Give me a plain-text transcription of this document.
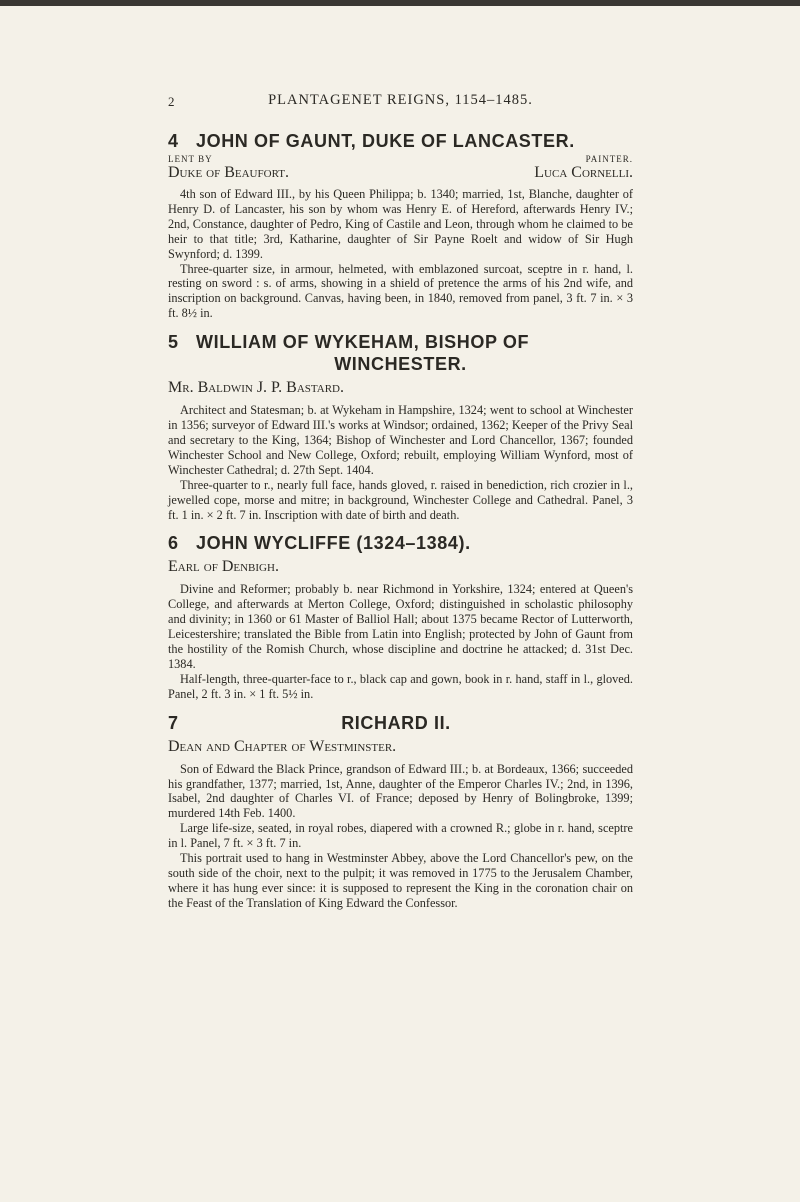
2	PLANTAGENET REIGNS, 1154–1485.
4 JOHN OF GAUNT, DUKE OF LANCASTER.
LENT BY	PAINTER.
Duke of Beaufort.	Luca Cornelli.

4th son of Edward III., by his Queen Philippa; b. 1340; married, 1st, Blanche, daughter of Henry D. of Lancaster, his son by whom was Henry E. of Hereford, afterwards Henry IV.; 2nd, Constance, daughter of Pedro, King of Castile and Leon, through whom he claimed to be heir to that title; 3rd, Katharine, daughter of Sir Payne Roelt and widow of Sir Hugh Swynford; d. 1399.

Three-quarter size, in armour, helmeted, with emblazoned surcoat, sceptre in r. hand, l. resting on sword : s. of arms, showing in a shield of pretence the arms of his 2nd wife, and inscription on background. Canvas, having been, in 1840, removed from panel, 3 ft. 7 in. × 3 ft. 8½ in.

5 WILLIAM OF WYKEHAM, BISHOP OF
WINCHESTER.
Mr. Baldwin J. P. Bastard.

Architect and Statesman; b. at Wykeham in Hampshire, 1324; went to school at Winchester in 1356; surveyor of Edward III.'s works at Windsor; ordained, 1362; Keeper of the Privy Seal and secretary to the King, 1364; Bishop of Winchester and Lord Chancellor, 1367; founded Winchester School and New College, Oxford; rebuilt, employing William Wynford, most of Winchester Cathedral; d. 27th Sept. 1404.

Three-quarter to r., nearly full face, hands gloved, r. raised in benediction, rich crozier in l., jewelled cope, morse and mitre; in background, Winchester College and Cathedral. Panel, 3 ft. 1 in. × 2 ft. 7 in. Inscription with date of birth and death.

6 JOHN WYCLIFFE (1324–1384).
Earl of Denbigh.

Divine and Reformer; probably b. near Richmond in Yorkshire, 1324; entered at Queen's College, and afterwards at Merton College, Oxford; distinguished in scholastic philosophy and divinity; in 1360 or 61 Master of Balliol Hall; about 1375 became Rector of Lutterworth, Leicestershire; translated the Bible from Latin into English; protected by John of Gaunt from the hostility of the Romish Church, whose discipline and doctrine he attacked; d. 31st Dec. 1384.

Half-length, three-quarter-face to r., black cap and gown, book in r. hand, staff in l., gloved. Panel, 2 ft. 3 in. × 1 ft. 5½ in.

7	RICHARD II.
Dean and Chapter of Westminster.

Son of Edward the Black Prince, grandson of Edward III.; b. at Bordeaux, 1366; succeeded his grandfather, 1377; married, 1st, Anne, daughter of the Emperor Charles IV.; 2nd, in 1396, Isabel, 2nd daughter of Charles VI. of France; deposed by Henry of Bolingbroke, 1399; murdered 14th Feb. 1400.

Large life-size, seated, in royal robes, diapered with a crowned R.; globe in r. hand, sceptre in l. Panel, 7 ft. × 3 ft. 7 in.

This portrait used to hang in Westminster Abbey, above the Lord Chancellor's pew, on the south side of the choir, next to the pulpit; it was removed in 1775 to the Jerusalem Chamber, where it has hung ever since: it is supposed to represent the King in the coronation chair on the Feast of the Translation of King Edward the Confessor.
